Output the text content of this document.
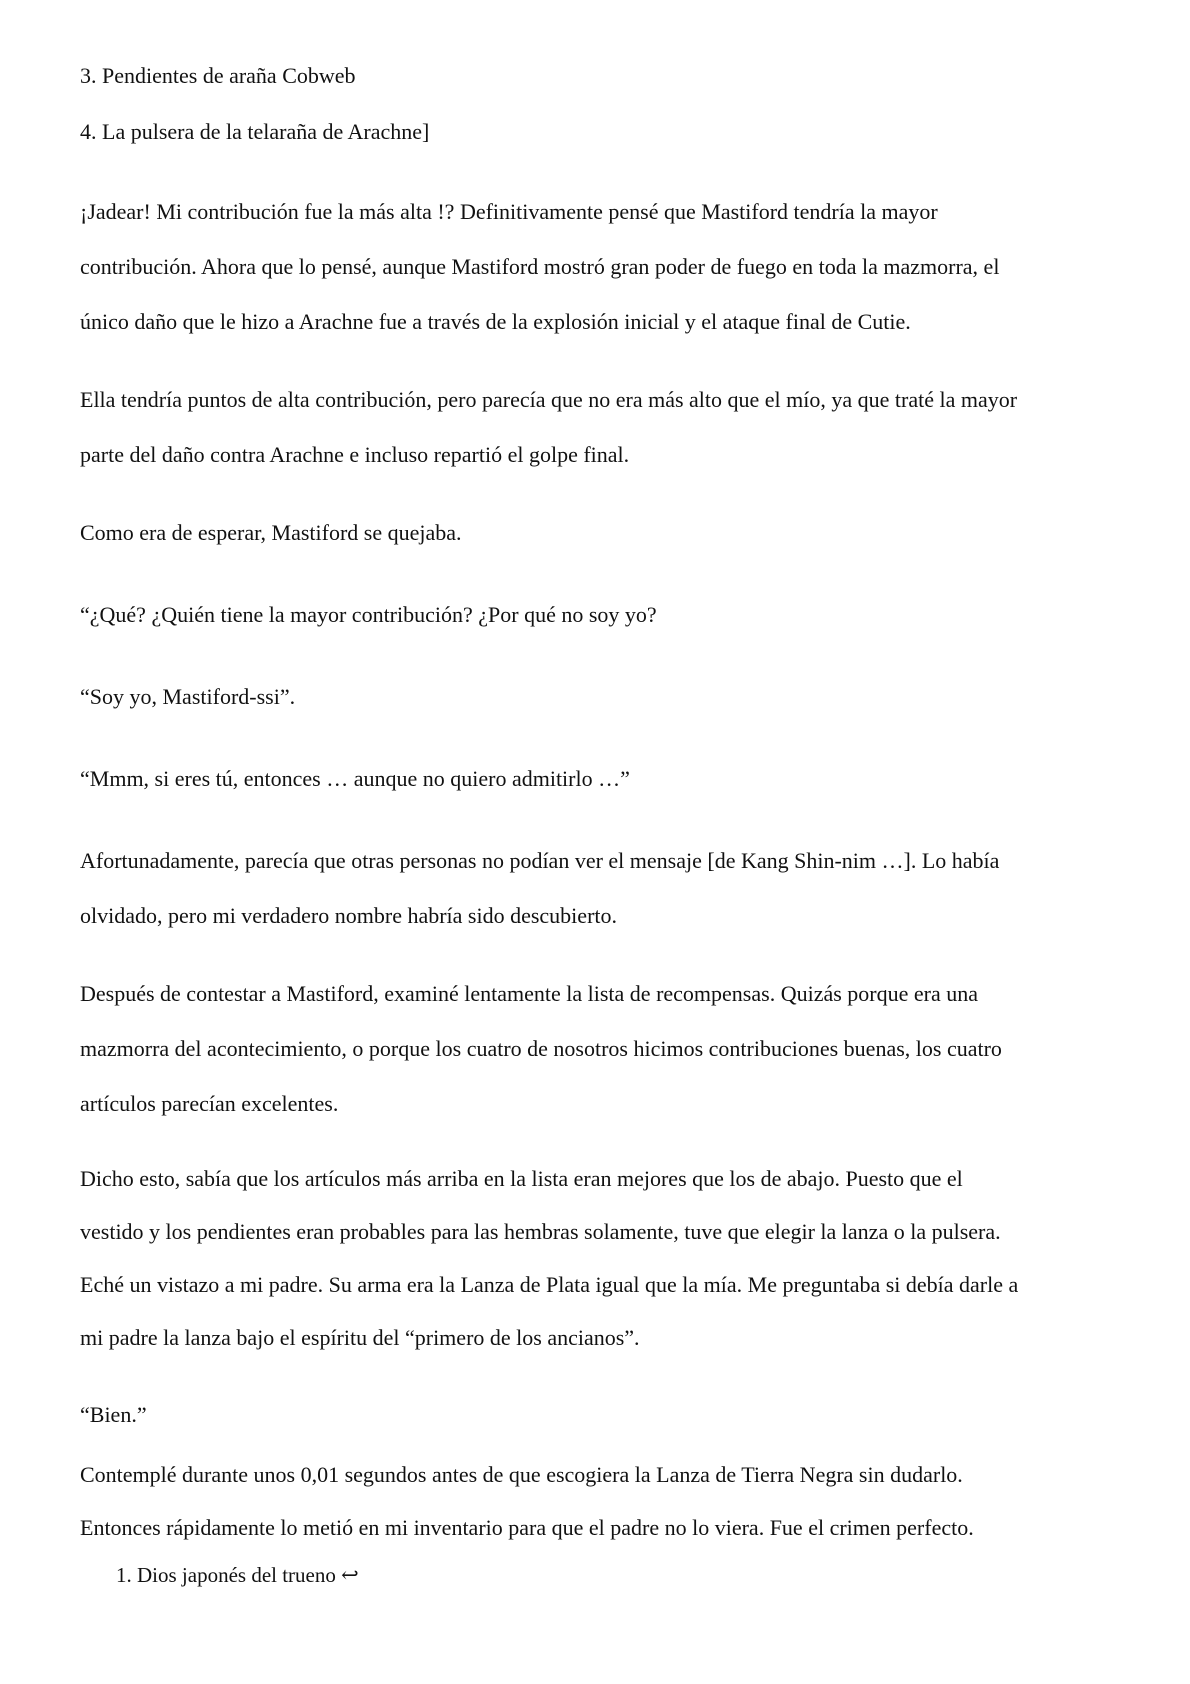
3. Pendientes de araña Cobweb
4. La pulsera de la telaraña de Arachne]
¡Jadear! Mi contribución fue la más alta !? Definitivamente pensé que Mastiford tendría la mayor
contribución. Ahora que lo pensé, aunque Mastiford mostró gran poder de fuego en toda la mazmorra, el
único daño que le hizo a Arachne fue a través de la explosión inicial y el ataque final de Cutie.
Ella tendría puntos de alta contribución, pero parecía que no era más alto que el mío, ya que traté la mayor
parte del daño contra Arachne e incluso repartió el golpe final.
Como era de esperar, Mastiford se quejaba.
“¿Qué? ¿Quién tiene la mayor contribución? ¿Por qué no soy yo?
“Soy yo, Mastiford-ssi”.
“Mmm, si eres tú, entonces … aunque no quiero admitirlo …”
Afortunadamente, parecía que otras personas no podían ver el mensaje [de Kang Shin-nim …]. Lo había
olvidado, pero mi verdadero nombre habría sido descubierto.
Después de contestar a Mastiford, examiné lentamente la lista de recompensas. Quizás porque era una
mazmorra del acontecimiento, o porque los cuatro de nosotros hicimos contribuciones buenas, los cuatro
artículos parecían excelentes.
Dicho esto, sabía que los artículos más arriba en la lista eran mejores que los de abajo. Puesto que el
vestido y los pendientes eran probables para las hembras solamente, tuve que elegir la lanza o la pulsera.
Eché un vistazo a mi padre. Su arma era la Lanza de Plata igual que la mía. Me preguntaba si debía darle a
mi padre la lanza bajo el espíritu del “primero de los ancianos”.
“Bien.”
Contemplé durante unos 0,01 segundos antes de que escogiera la Lanza de Tierra Negra sin dudarlo.
Entonces rápidamente lo metió en mi inventario para que el padre no lo viera. Fue el crimen perfecto.
1. Dios japonés del trueno ↩
